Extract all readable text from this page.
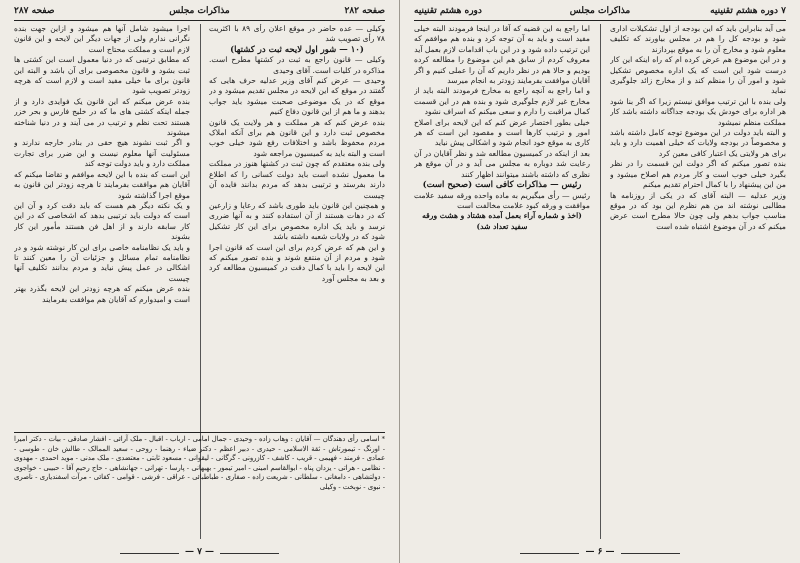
صفحه ۲۸۲
مذاکرات مجلس
صفحه ۲۸۷

وکیلی — عده حاضر در موقع اعلان رأی ۸۹ با اکثریت ۷۸ رأی تصویب شد

(۱۰ — شور اول لایحه ثبت در کشتها)

وکیلی — قانون راجع به ثبت در کشتها مطرح است. مذاکره در کلیات است. آقای وحیدی

وحیدی — عرض کنم آقای وزیر عدلیه حرف هایی که گفتند در موقع که این لایحه در مجلس تقدیم میشود و در موقع که در یک موضوعی صحبت میشود باید جواب بدهند و ما هم از این قانون دفاع کنیم

بنده عرض کنم که هر مملکت و هر ولایت یک قانون مخصوص ثبت دارد و این قانون هم برای آنکه املاک مردم محفوظ باشد و اختلافات رفع شود خیلی خوب است و البته باید به کمیسیون مراجعه شود

ولی بنده معتقدم که چون ثبت در کشتها هنوز در مملکت ما معمول نشده است باید دولت کسانی را که اطلاع دارند بفرستد و ترتیبی بدهد که مردم بدانند فایده آن چیست

و همچنین این قانون باید طوری باشد که رعایا و زارعین که در دهات هستند از آن استفاده کنند و به آنها ضرری نرسد و باید یک اداره مخصوص برای این کار تشکیل شود که در ولایات شعبه داشته باشد

و این هم که عرض کردم برای این است که قانون اجرا شود و مردم از آن منتفع شوند و بنده تصور میکنم که این لایحه را باید با کمال دقت در کمیسیون مطالعه کرد و بعد به مجلس آورد

اجرا میشود شامل آنها هم میشود و ازاین جهت بنده نگرانی ندارم ولی از جهات دیگر این لایحه و این قانون لازم است و مملکت محتاج است

که مطابق ترتیبی که در دنیا معمول است این کشتی ها ثبت بشود و قانون مخصوصی برای آن باشد و البته این قانون برای ما خیلی مفید است و لازم است که هرچه زودتر تصویب شود

بنده عرض میکنم که این قانون یک فوایدی دارد و از جمله اینکه کشتی های ما که در خلیج فارس و بحر خزر هستند تحت نظم و ترتیب در می آیند و در دنیا شناخته میشوند

و اگر ثبت نشوند هیچ حقی در بنادر خارجه ندارند و مسئولیت آنها معلوم نیست و این ضرر برای تجارت مملکت دارد و باید دولت توجه کند

این است که بنده با این لایحه موافقم و تقاضا میکنم که آقایان هم موافقت بفرمایند تا هرچه زودتر این قانون به موقع اجرا گذاشته شود

و یک نکته دیگر هم هست که باید دقت کرد و آن این است که دولت باید ترتیبی بدهد که اشخاصی که در این کار سابقه دارند و از اهل فن هستند مأمور این کار بشوند

و باید یک نظامنامه خاصی برای این کار نوشته شود و در نظامنامه تمام مسائل و جزئیات آن را معین کنند تا اشکالی در عمل پیش نیاید و مردم بدانند تکلیف آنها چیست

بنده عرض میکنم که هرچه زودتر این لایحه بگذرد بهتر است و امیدوارم که آقایان هم موافقت بفرمایند

* اسامی رأی دهندگان — آقایان : وهاب زاده - وحیدی - جمال امامی - ارباب - اقبال - ملک آرائی - افشار صادقی - بیات - دکتر امیرا - اورنگ - تیمورتاش - ثقة الاسلامی - حیدری - دبیر اعظم - دکتر ضیاء - رهنما - روحی - سعید الممالک - طالش خان - طوسی - عمادی - فرمند - فهیمی - قریب - کاشف - کازرونی - گرگانی - لیقوانی - مسعود ثابتی - معتضدی - ملک مدنی - موید احمدی - مهدوی - نظامی - هراتی - یزدان پناه - ابوالقاسم امینی - امیر تیمور - بهبهانی - پارسا - تهرانی - جهانشاهی - حاج رحیم آقا - حبیبی - خواجوی - دولتشاهی - دامغانی - سلطانی - شریعت زاده - صفاری - طباطبائی - عراقی - فرشی - قوامی - کفائی - مرآت اسفندیاری - ناصری - نبوی - نوبخت - وکیلی
— ۷ —
۷ دوره هشتم تقنینیه
مذاکرات مجلس
دوره هشتم تقنینیه

می آید بنابراین باید که این بودجه از اول تشکیلات اداری شود و بودجه کل را هم در مجلس بیاورند که تکلیف معلوم شود و مخارج آن را به موقع بپردازند

و در این موضوع هم عرض کرده ام که راه اینکه این کار درست شود این است که یک اداره مخصوص تشکیل شود و امور آن را منظم کند و از مخارج زائد جلوگیری نماید

ولی بنده با این ترتیب موافق نیستم زیرا که اگر بنا شود هر اداره برای خودش یک بودجه جداگانه داشته باشد کار مملکت منظم نمیشود

و البته باید دولت در این موضوع توجه کامل داشته باشد و مخصوصاً در بودجه ولایات که خیلی اهمیت دارد و باید برای هر ولایتی یک اعتبار کافی معین کرد

بنده تصور میکنم که اگر دولت این قسمت را در نظر بگیرد خیلی خوب است و کار مردم هم اصلاح میشود و من این پیشنهاد را با کمال احترام تقدیم میکنم

وزیر عدلیه — البته آقای که در یکی از روزنامه ها مطالبی نوشته اند من هم نظرم این بود که در موقع مناسب جواب بدهم ولی چون حالا مطرح است عرض میکنم که در آن موضوع اشتباه شده است

اما راجع به این قضیه که آقا در اینجا فرمودند البته خیلی مفید است و باید به آن توجه کرد و بنده هم موافقم که این ترتیب داده شود و در این باب اقدامات لازم بعمل آید

معروف کردم از سابق هم این موضوع را مطالعه کرده بودیم و حالا هم در نظر داریم که آن را عملی کنیم و اگر آقایان موافقت بفرمایند زودتر به انجام میرسد

و اما راجع به آنچه راجع به مخارج فرمودند البته باید از مخارج غیر لازم جلوگیری شود و بنده هم در این قسمت کمال مراقبت را دارم و سعی میکنم که اسراف نشود

خیلی بطور اختصار عرض کنم که این لایحه برای اصلاح امور و ترتیب کارها است و مقصود این است که هر کاری به موقع خود انجام شود و اشکالی پیش نیاید

بعد از اینکه در کمیسیون مطالعه شد و نظر آقایان در آن رعایت شد دوباره به مجلس می آید و در آن موقع هر نظری که داشته باشند میتوانند اظهار کنند

رئیس — مذاکرات کافی است (صحیح است)

رئیس — رأی میگیریم به ماده واحده ورقه سفید علامت موافقت و ورقه کبود علامت مخالفت است

(اخذ و شماره آراء بعمل آمده هشتاد و هشت ورقه سفید تعداد شد)

— ۶ —
